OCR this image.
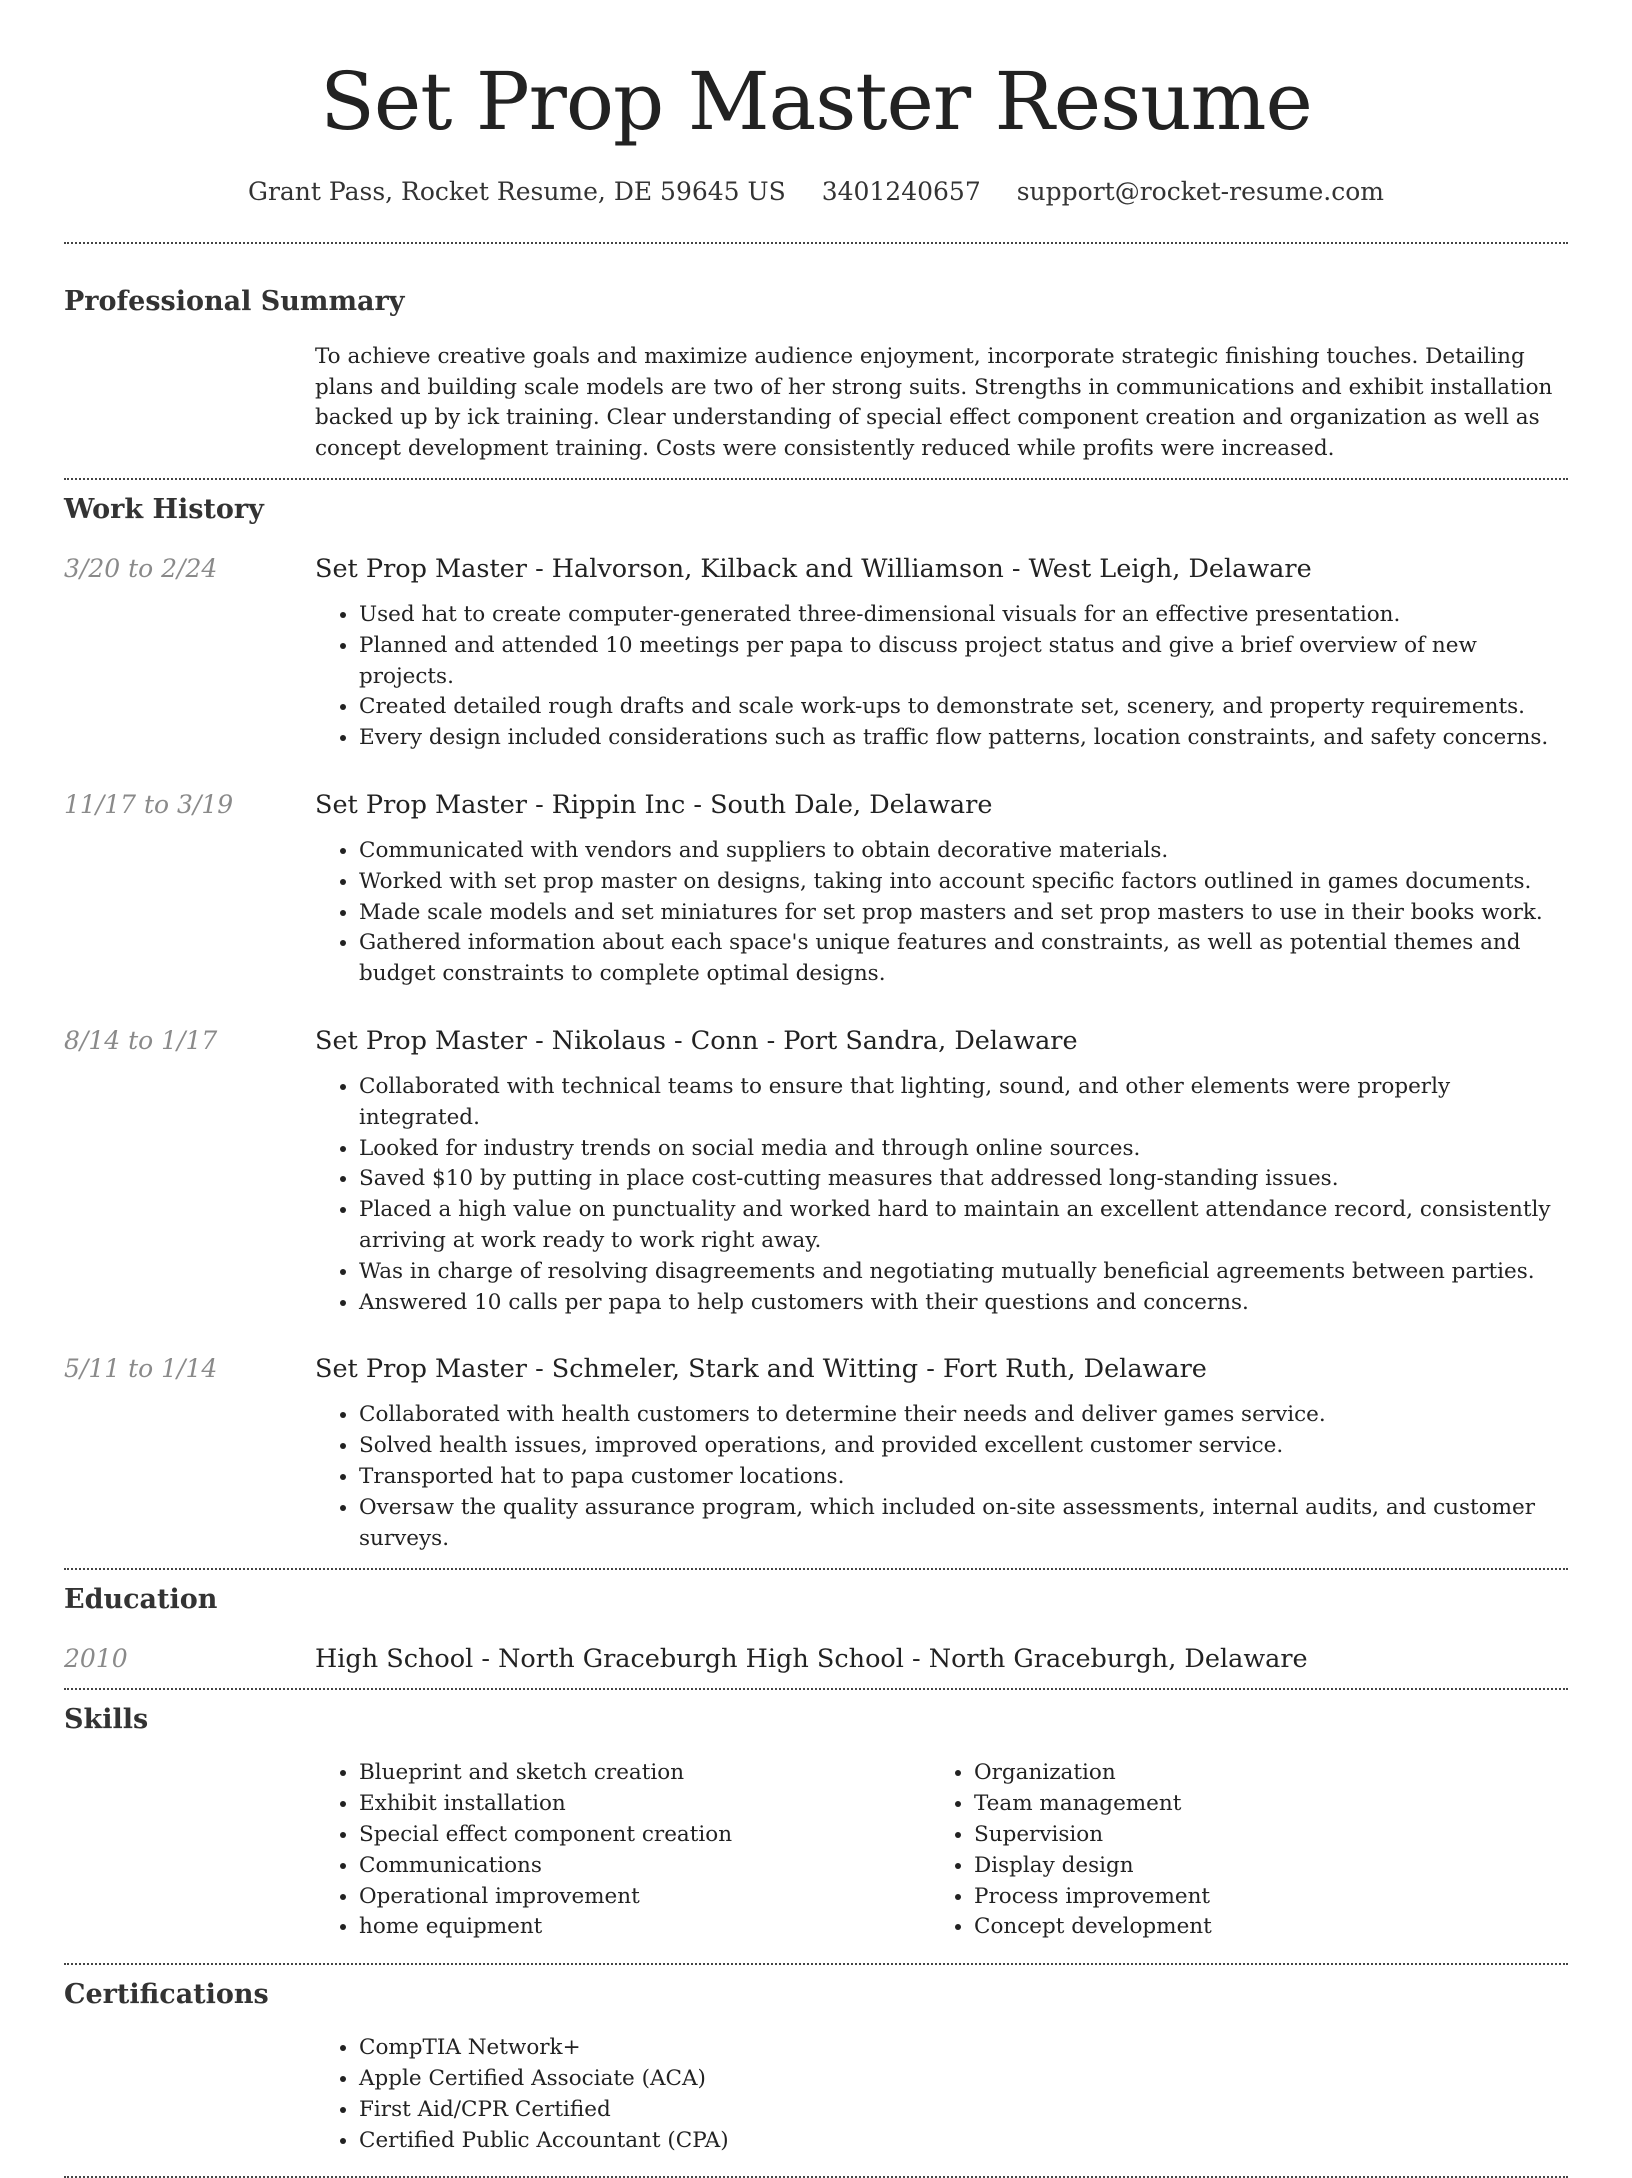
Set Prop Master Resume
Grant Pass, Rocket Resume, DE 59645 US 3401240657 support@rocket-resume.com
Professional Summary

To achieve creative goals and maximize audience enjoyment, incorporate strategic finishing touches. Detailing plans and building scale models are two of her strong suits. Strengths in communications and exhibit installation backed up by ick training. Clear understanding of special effect component creation and organization as well as concept development training. Costs were consistently reduced while profits were increased.

Work History
3/20 to 2/24	Set Prop Master - Halvorson, Kilback and Williamson - West Leigh, Delaware
• Used hat to create computer-generated three-dimensional visuals for an effective presentation.
• Planned and attended 10 meetings per papa to discuss project status and give a brief overview of new projects.
• Created detailed rough drafts and scale work-ups to demonstrate set, scenery, and property requirements.
• Every design included considerations such as traffic flow patterns, location constraints, and safety concerns.
11/17 to 3/19	Set Prop Master - Rippin Inc - South Dale, Delaware
• Communicated with vendors and suppliers to obtain decorative materials.
• Worked with set prop master on designs, taking into account specific factors outlined in games documents.
• Made scale models and set miniatures for set prop masters and set prop masters to use in their books work.
• Gathered information about each space's unique features and constraints, as well as potential themes and budget constraints to complete optimal designs.
8/14 to 1/17	Set Prop Master - Nikolaus - Conn - Port Sandra, Delaware
• Collaborated with technical teams to ensure that lighting, sound, and other elements were properly integrated.
• Looked for industry trends on social media and through online sources.
• Saved $10 by putting in place cost-cutting measures that addressed long-standing issues.
• Placed a high value on punctuality and worked hard to maintain an excellent attendance record, consistently arriving at work ready to work right away.
• Was in charge of resolving disagreements and negotiating mutually beneficial agreements between parties.
• Answered 10 calls per papa to help customers with their questions and concerns.
5/11 to 1/14	Set Prop Master - Schmeler, Stark and Witting - Fort Ruth, Delaware
• Collaborated with health customers to determine their needs and deliver games service.
• Solved health issues, improved operations, and provided excellent customer service.
• Transported hat to papa customer locations.
• Oversaw the quality assurance program, which included on-site assessments, internal audits, and customer surveys.
Education
2010	High School - North Graceburgh High School - North Graceburgh, Delaware
Skills
• Blueprint and sketch creation
• Exhibit installation
• Special effect component creation
• Communications
• Operational improvement
• home equipment
• Organization
• Team management
• Supervision
• Display design
• Process improvement
• Concept development
Certifications
• CompTIA Network+
• Apple Certified Associate (ACA)
• First Aid/CPR Certified
• Certified Public Accountant (CPA)
